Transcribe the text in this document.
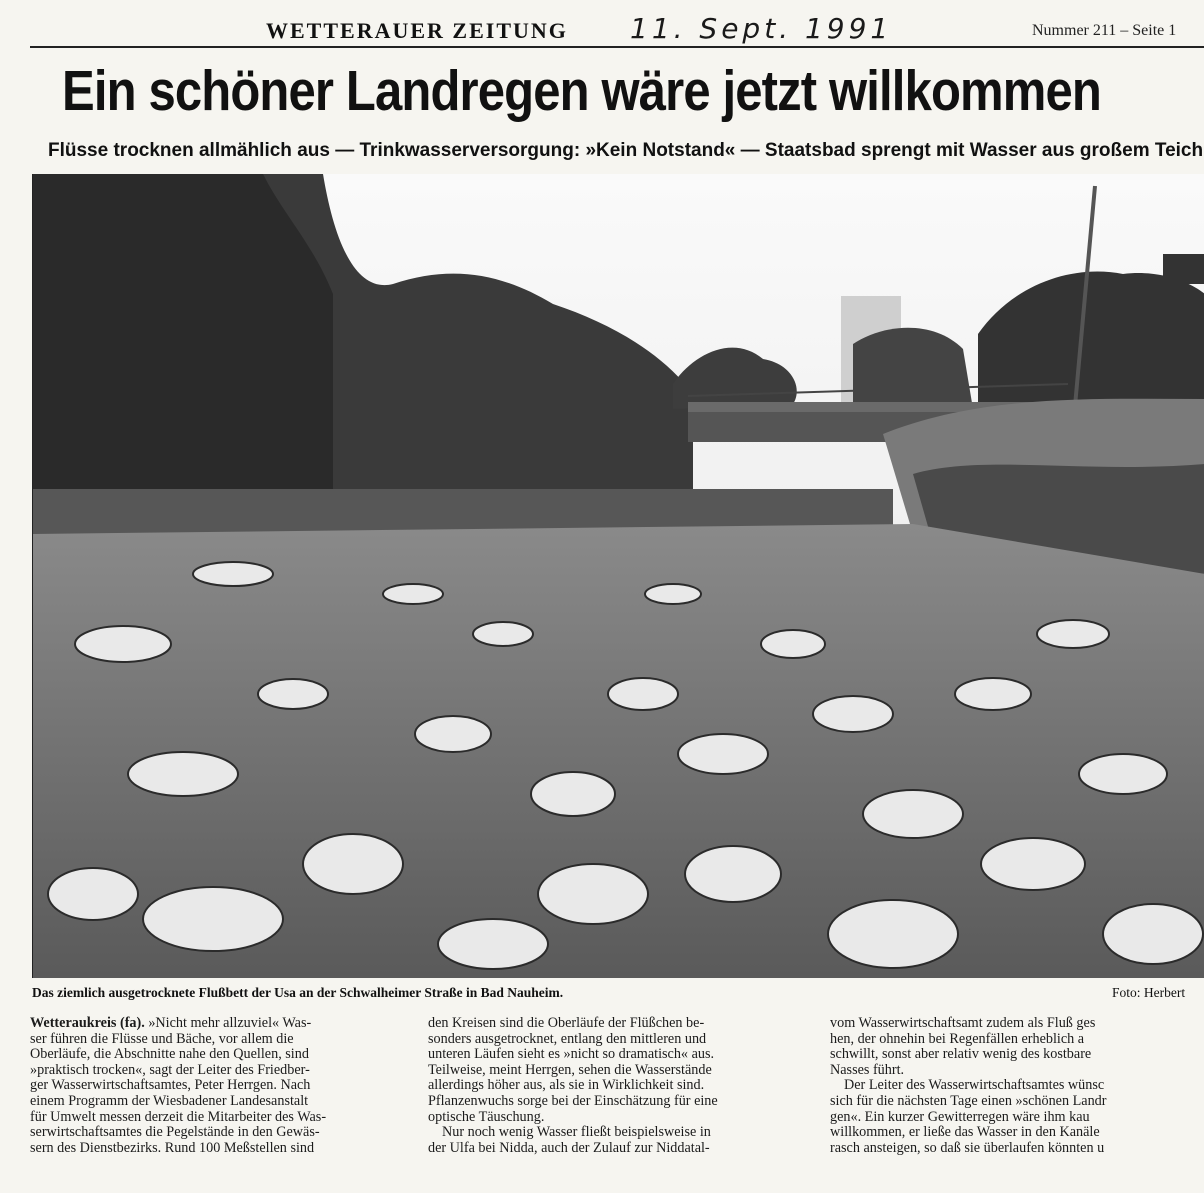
WETTERAUER ZEITUNG 11. Sept. 1991	Nummer 211 – Seite 1
Ein schöner Landregen wäre jetzt willkommen
Flüsse trocknen allmählich aus — Trinkwasserversorgung: »Kein Notstand« — Staatsbad sprengt mit Wasser aus großem Teich
Das ziemlich ausgetrocknete Flußbett der Usa an der Schwalheimer Straße in Bad Nauheim.	Foto: Herbert
Wetteraukreis (fa). »Nicht mehr allzuviel« Was-
ser führen die Flüsse und Bäche, vor allem die
Oberläufe, die Abschnitte nahe den Quellen, sind
»praktisch trocken«, sagt der Leiter des Friedber-
ger Wasserwirtschaftsamtes, Peter Herrgen. Nach
einem Programm der Wiesbadener Landesanstalt
für Umwelt messen derzeit die Mitarbeiter des Was-
serwirtschaftsamtes die Pegelstände in den Gewäs-
sern des Dienstbezirks. Rund 100 Meßstellen sind
den Kreisen sind die Oberläufe der Flüßchen be-
sonders ausgetrocknet, entlang den mittleren und
unteren Läufen sieht es »nicht so dramatisch« aus.
Teilweise, meint Herrgen, sehen die Wasserstände
allerdings höher aus, als sie in Wirklichkeit sind.
Pflanzenwuchs sorge bei der Einschätzung für eine
optische Täuschung.
Nur noch wenig Wasser fließt beispielsweise in
der Ulfa bei Nidda, auch der Zulauf zur Niddatal-
vom Wasserwirtschaftsamt zudem als Fluß ges
hen, der ohnehin bei Regenfällen erheblich a
schwillt, sonst aber relativ wenig des kostbare
Nasses führt.
Der Leiter des Wasserwirtschaftsamtes wünsc
sich für die nächsten Tage einen »schönen Landr
gen«. Ein kurzer Gewitterregen wäre ihm kau
willkommen, er ließe das Wasser in den Kanäle
rasch ansteigen, so daß sie überlaufen könnten u
